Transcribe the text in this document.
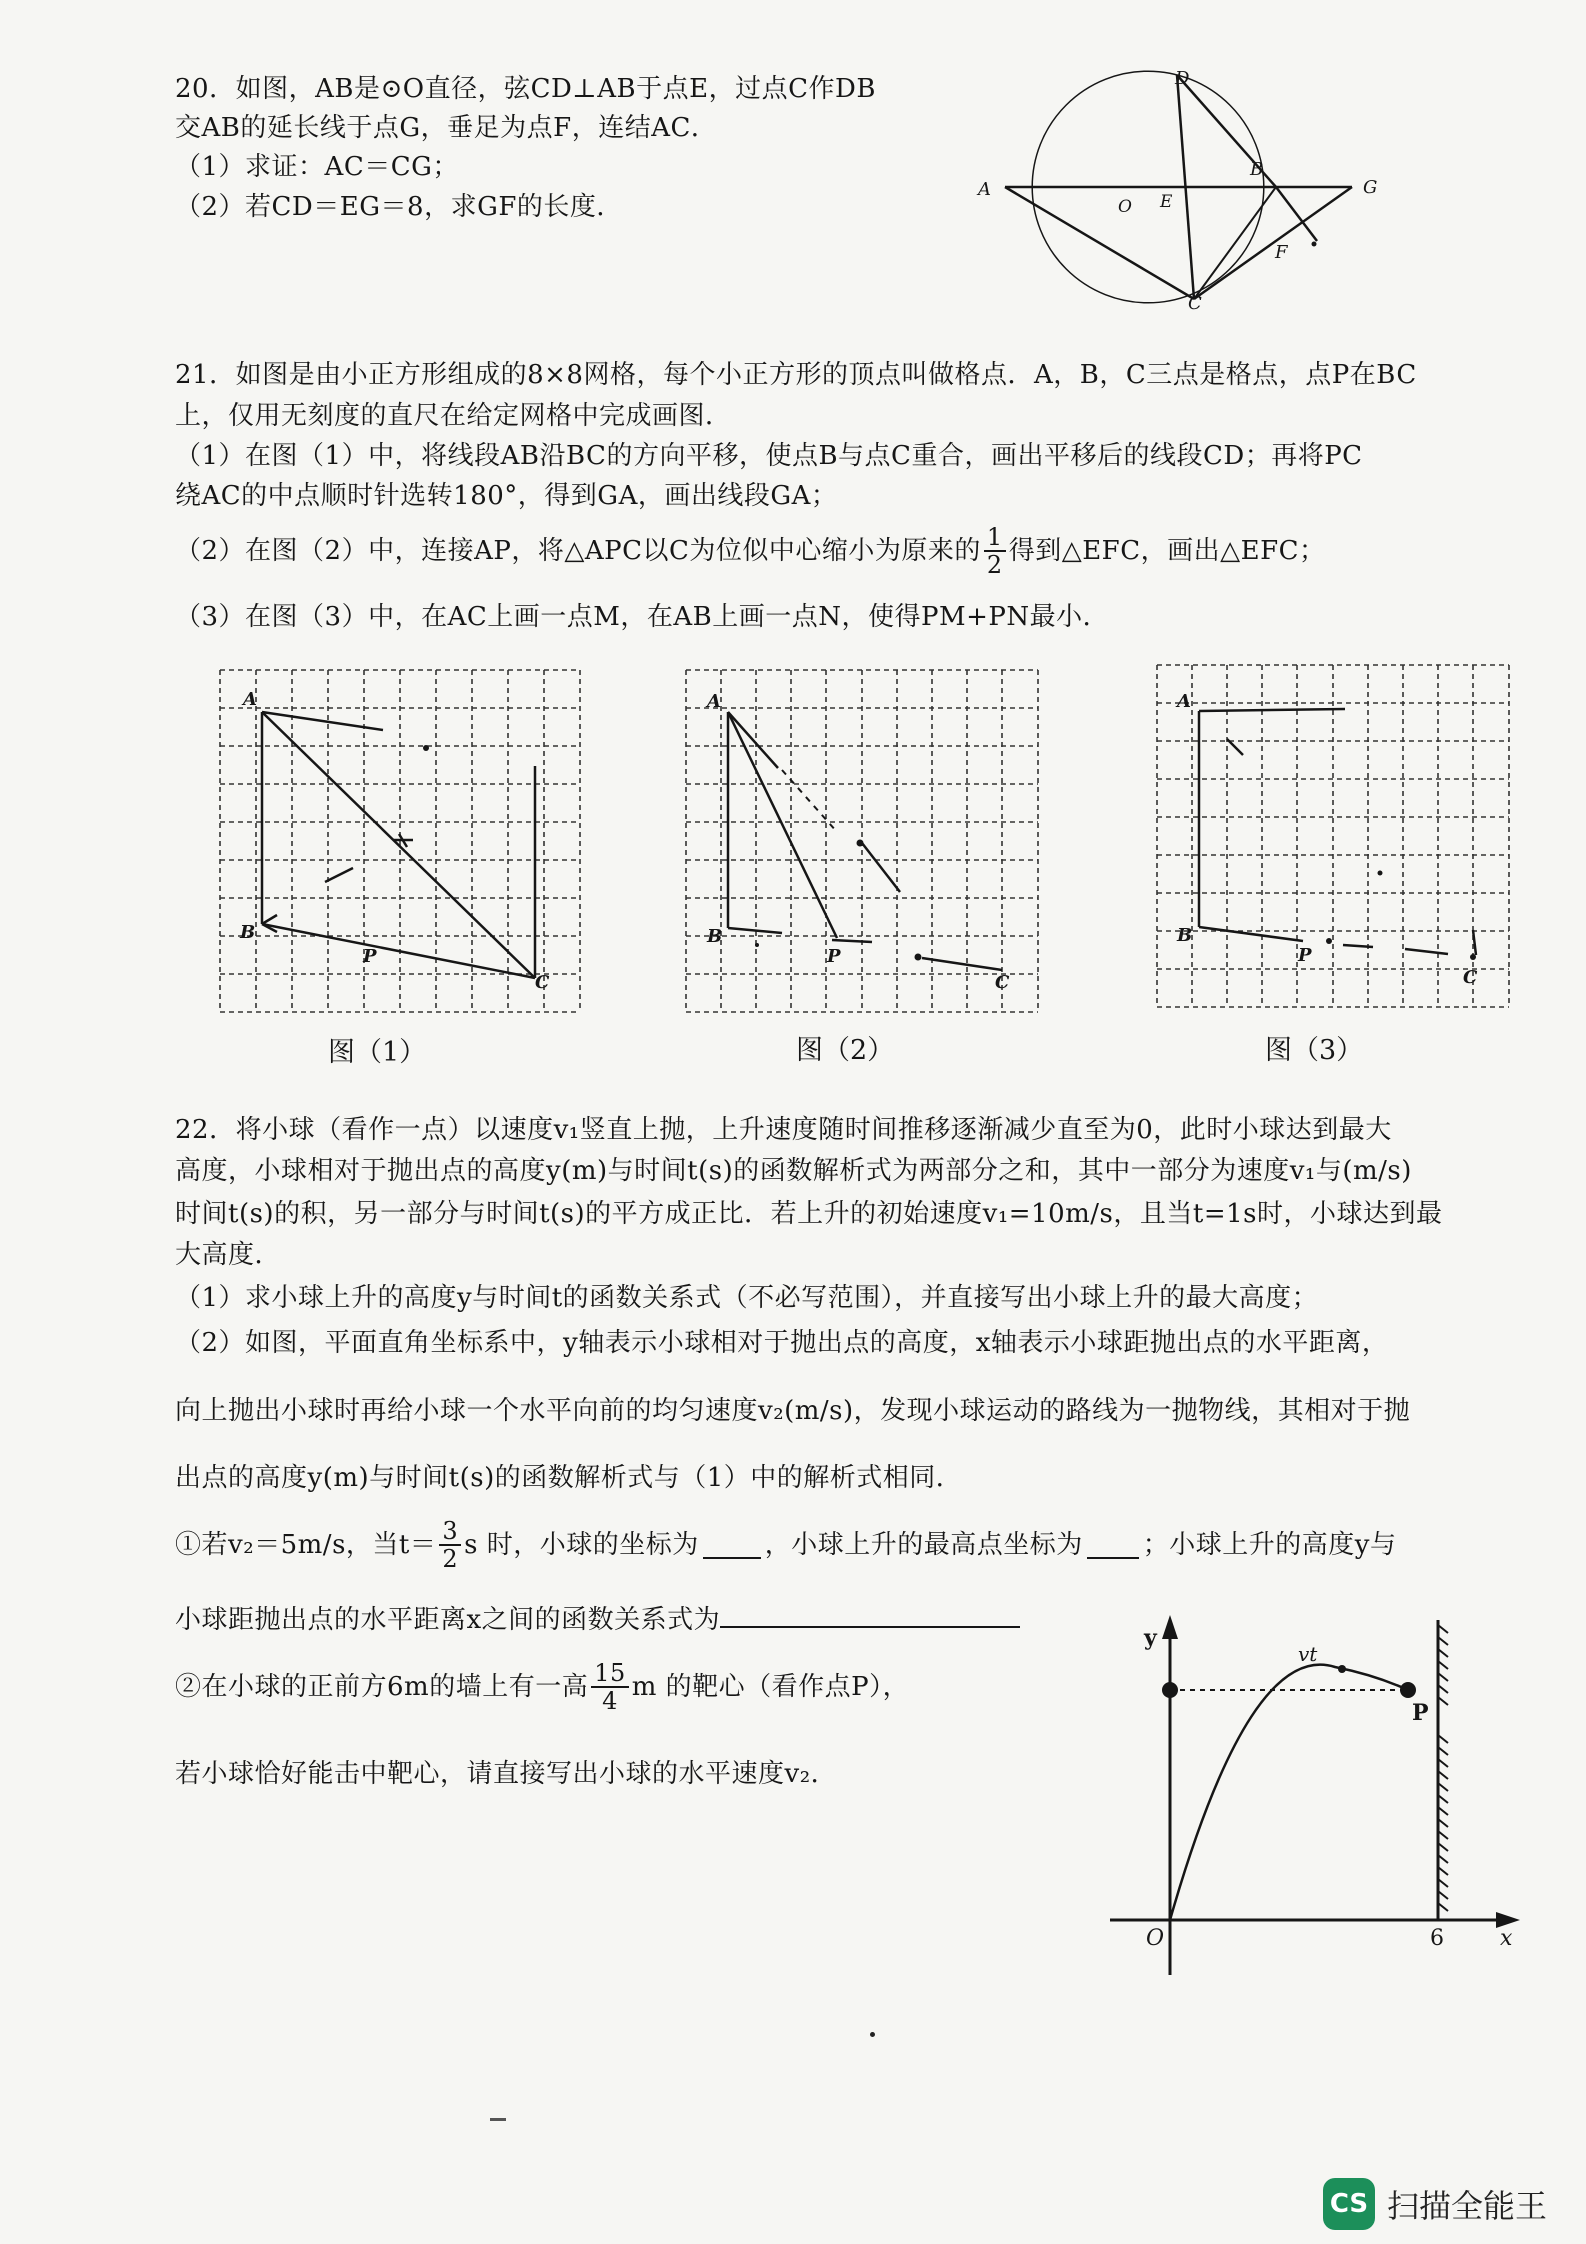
20．如图，AB是⊙O直径，弦CD⊥AB于点E，过点C作DB
交AB的延长线于点G，垂足为点F，连结AC．
（1）求证：AC＝CG；
（2）若CD＝EG＝8，求GF的长度．
D
A
O E
B
G
F
C
21．如图是由小正方形组成的8×8网格，每个小正方形的顶点叫做格点．A，B，C三点是格点，点P在BC
上，仅用无刻度的直尺在给定网格中完成画图．
（1）在图（1）中，将线段AB沿BC的方向平移，使点B与点C重合，画出平移后的线段CD；再将PC
绕AC的中点顺时针选转180°，得到GA，画出线段GA；
（2）在图（2）中，连接AP，将△APC以C为位似中心缩小为原来的 $\frac{1}{2}$ 得到△EFC，画出△EFC；
（3）在图（3）中，在AC上画一点M，在AB上画一点N，使得PM+PN最小．
A
B
P
C
A
B
P
C
A
B
P
C
图（1）	图（2）	图（3）
22．将小球（看作一点）以速度v₁竖直上抛，上升速度随时间推移逐渐减少直至为0，此时小球达到最大
高度，小球相对于抛出点的高度y(m)与时间t(s)的函数解析式为两部分之和，其中一部分为速度v₁与(m/s)
时间t(s)的积，另一部分与时间t(s)的平方成正比．若上升的初始速度v₁=10m/s，且当t=1s时，小球达到最
大高度．
（1）求小球上升的高度y与时间t的函数关系式（不必写范围），并直接写出小球上升的最大高度；
（2）如图，平面直角坐标系中，y轴表示小球相对于抛出点的高度，x轴表示小球距抛出点的水平距离，
向上抛出小球时再给小球一个水平向前的均匀速度v₂(m/s)，发现小球运动的路线为一抛物线，其相对于抛
出点的高度y(m)与时间t(s)的函数解析式与（1）中的解析式相同．
①若v₂＝5m/s，当$t= \frac{3}{2}$ s 时，小球的坐标为	，小球上升的最高点坐标为 ；小球上升的高度y与
小球距抛出点的水平距离x之间的函数关系式为
②在小球的正前方6m的墙上有一高 $\frac{15}{4}$ m 的靶心（看作点P），
若小球恰好能击中靶心，请直接写出小球的水平速度v₂．
y
x
O	6
vt
P
CS 扫描全能王
